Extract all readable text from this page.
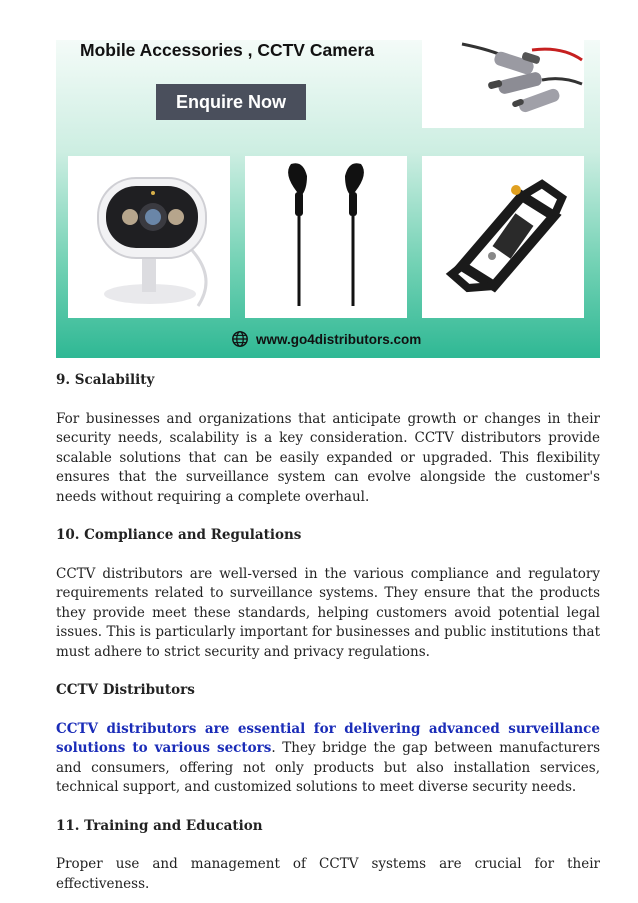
Mobile Accessories , CCTV Camera
Enquire Now
www.go4distributors.com
9. Scalability

For businesses and organizations that anticipate growth or changes in their security needs, scalability is a key consideration. CCTV distributors provide scalable solutions that can be easily expanded or upgraded. This flexibility ensures that the surveillance system can evolve alongside the customer's needs without requiring a complete overhaul.

10. Compliance and Regulations

CCTV distributors are well-versed in the various compliance and regulatory requirements related to surveillance systems. They ensure that the products they provide meet these standards, helping customers avoid potential legal issues. This is particularly important for businesses and public institutions that must adhere to strict security and privacy regulations.

CCTV Distributors

CCTV distributors are essential for delivering advanced surveillance solutions to various sectors. They bridge the gap between manufacturers and consumers, offering not only products but also installation services, technical support, and customized solutions to meet diverse security needs.

11. Training and Education

Proper use and management of CCTV systems are crucial for their effectiveness.
